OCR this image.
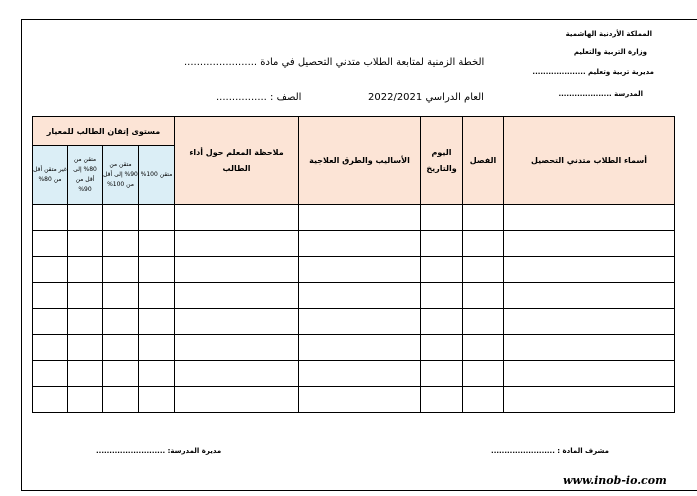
المملكة الأردنية الهاشمية
وزارة التربية والتعليم
مديرية تربية وتعليم ....................
المدرسة ....................
الخطة الزمنية لمتابعة الطلاب متدني التحصيل في مادة .......................
العام الدراسي 2022/2021
الصف : ................
مستوى إتقان الطالب للمعيار				ملاحظة المعلم حول أداء الطالب	الأساليب والطرق العلاجية	اليوم والتاريخ	الفصل	أسماء الطلاب متدني التحصيل
غير متقن أقل من 80%	متقن من 80% إلى أقل من 90%	متقن من 90% إلى أقل من 100%	متقن 100%					

مشرف المادة : ........................
مديرة المدرسة: ..........................
www.inob-io.com
